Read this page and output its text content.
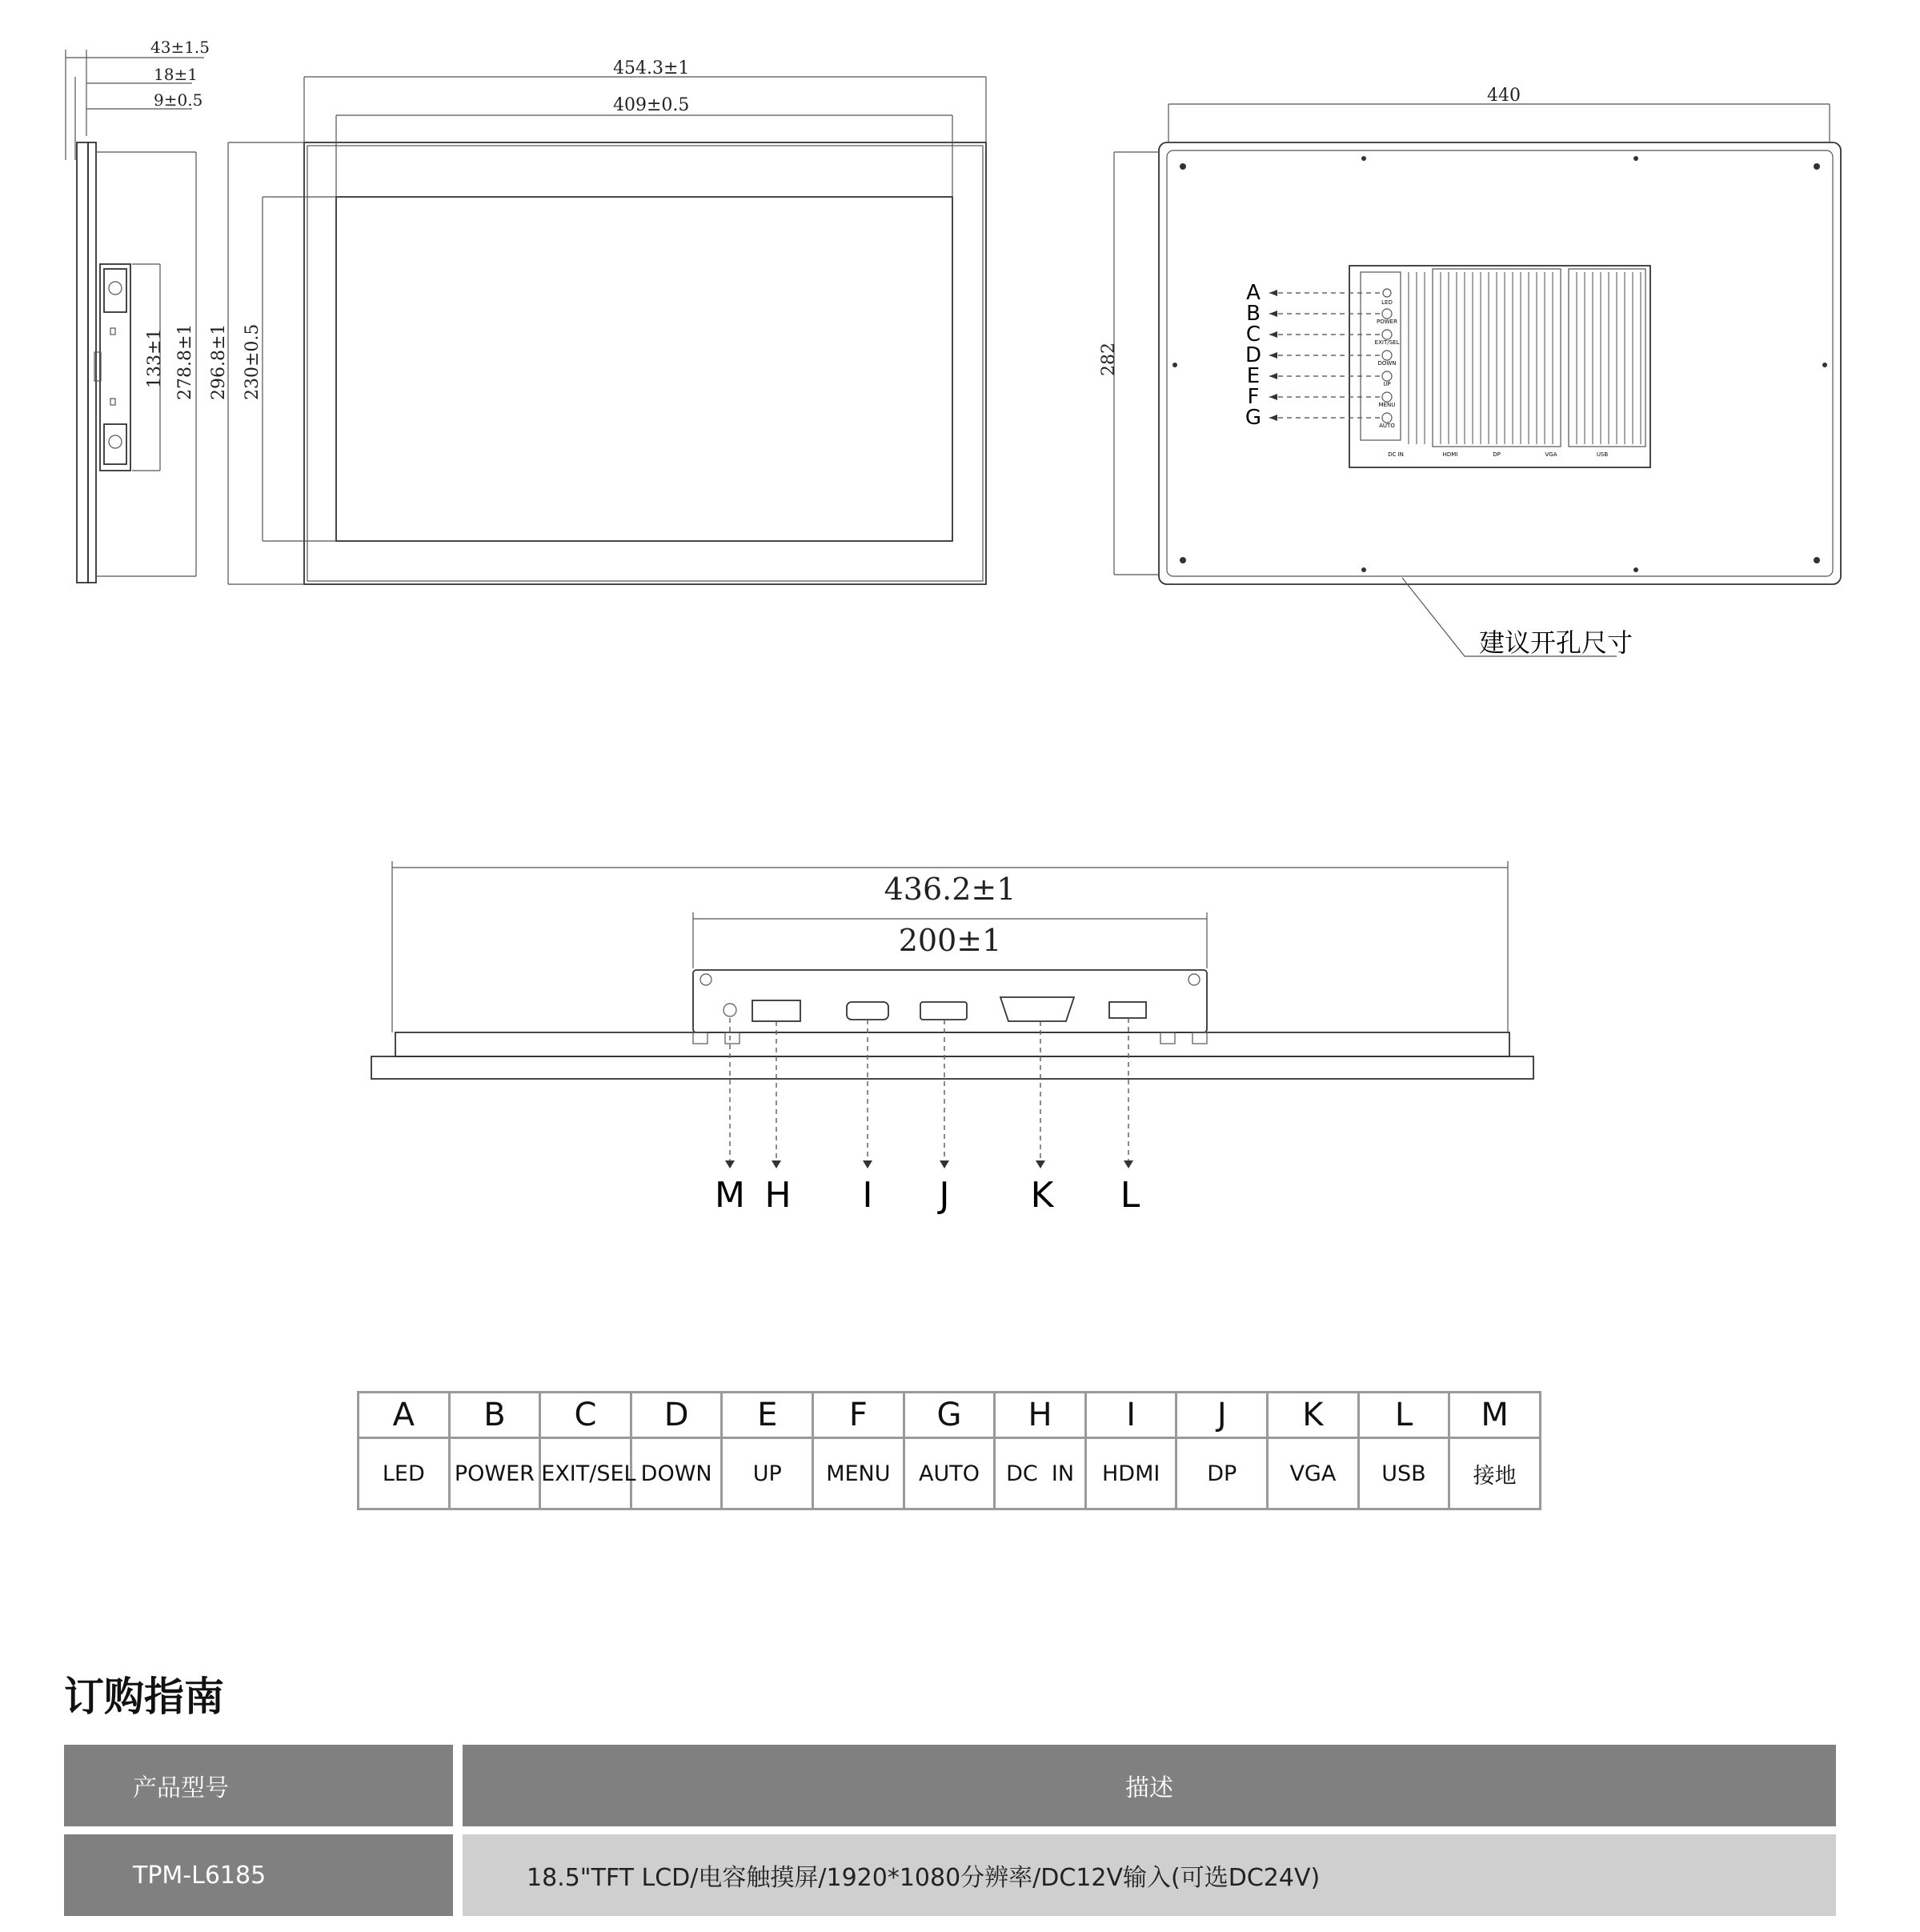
43±1.5
18±1
9±0.5
133±1 278.8±1
454.3±1
409±0.5
296.8±1 230±0.5
440
282
LED
POWER
EXIT/SEL
DOWN
UP
MENU
AUTO
DC IN	HDMI	DP	VGA	USB
A
B
C
D
E
F
G
建议开孔尺寸
436.2±1
200±1
M H I J K L
A	B	C	D	E	F	G	H	I	J	K	L	M
LED	POWER	EXIT/SEL	DOWN	UP	MENU	AUTO	DC  IN	HDMI	DP	VGA	USB	接地
订购指南
产品型号	描述
TPM-L6185	18.5"TFT LCD/电容触摸屏/1920*1080分辨率/DC12V输入(可选DC24V)
